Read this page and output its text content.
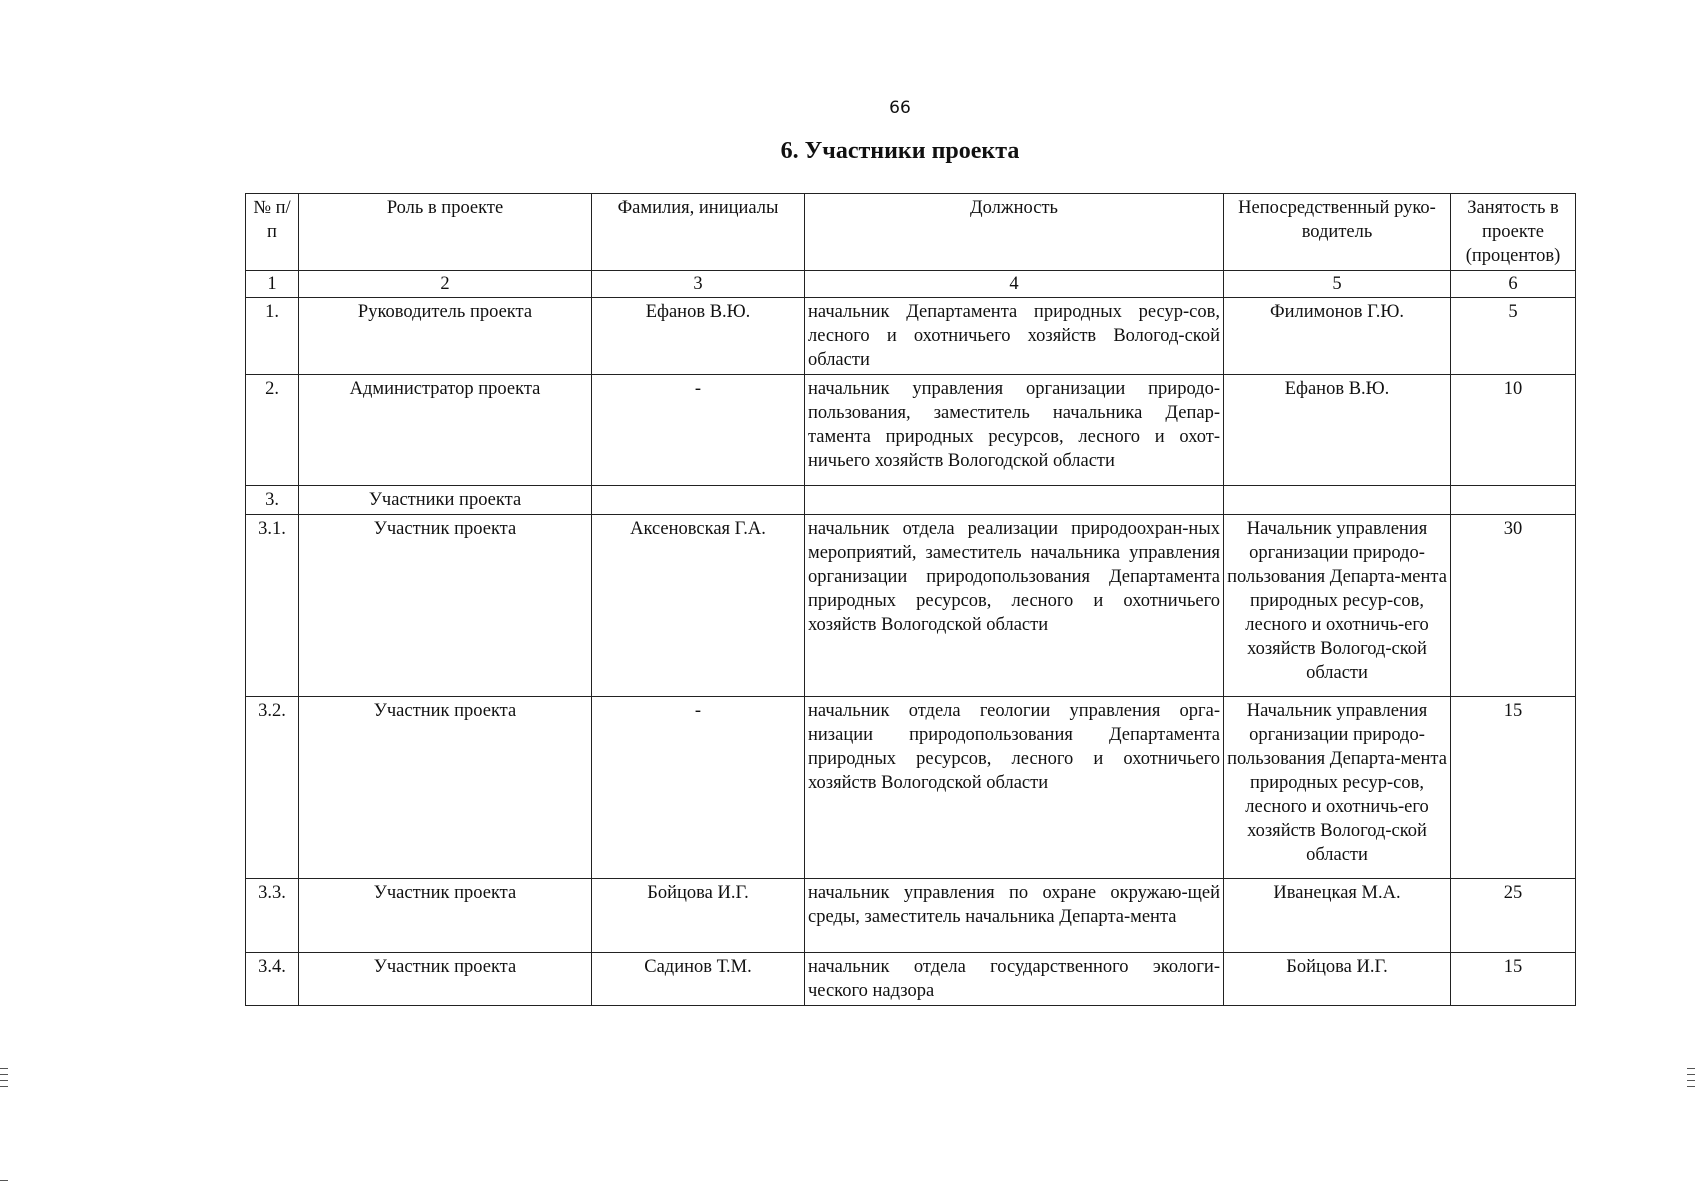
66
6. Участники проекта
№ п/п	Роль в проекте	Фамилия, инициалы	Должность	Непосредственный руко-водитель	Занятость в проекте (процентов)
1	2	3	4	5	6
1.	Руководитель проекта	Ефанов В.Ю.	начальник Департамента природных ресур-сов, лесного и охотничьего хозяйств Вологод-ской области	Филимонов Г.Ю.	5
2.	Администратор проекта	-	начальник управления организации природо-пользования, заместитель начальника Депар-тамента природных ресурсов, лесного и охот-ничьего хозяйств Вологодской области	Ефанов В.Ю.	10
3.	Участники проекта				
3.1.	Участник проекта	Аксеновская Г.А.	начальник отдела реализации природоохран-ных мероприятий, заместитель начальника управления организации природопользования Департамента природных ресурсов, лесного и охотничьего хозяйств Вологодской области	Начальник управления организации природо-пользования Департа-мента природных ресур-сов, лесного и охотничь-его хозяйств Вологод-ской области	30
3.2.	Участник проекта	-	начальник отдела геологии управления орга-низации природопользования Департамента природных ресурсов, лесного и охотничьего хозяйств Вологодской области	Начальник управления организации природо-пользования Департа-мента природных ресур-сов, лесного и охотничь-его хозяйств Вологод-ской области	15
3.3.	Участник проекта	Бойцова И.Г.	начальник управления по охране окружаю-щей среды, заместитель начальника Департа-мента	Иванецкая М.А.	25
3.4.	Участник проекта	Садинов Т.М.	начальник отдела государственного экологи-ческого надзора	Бойцова И.Г.	15
